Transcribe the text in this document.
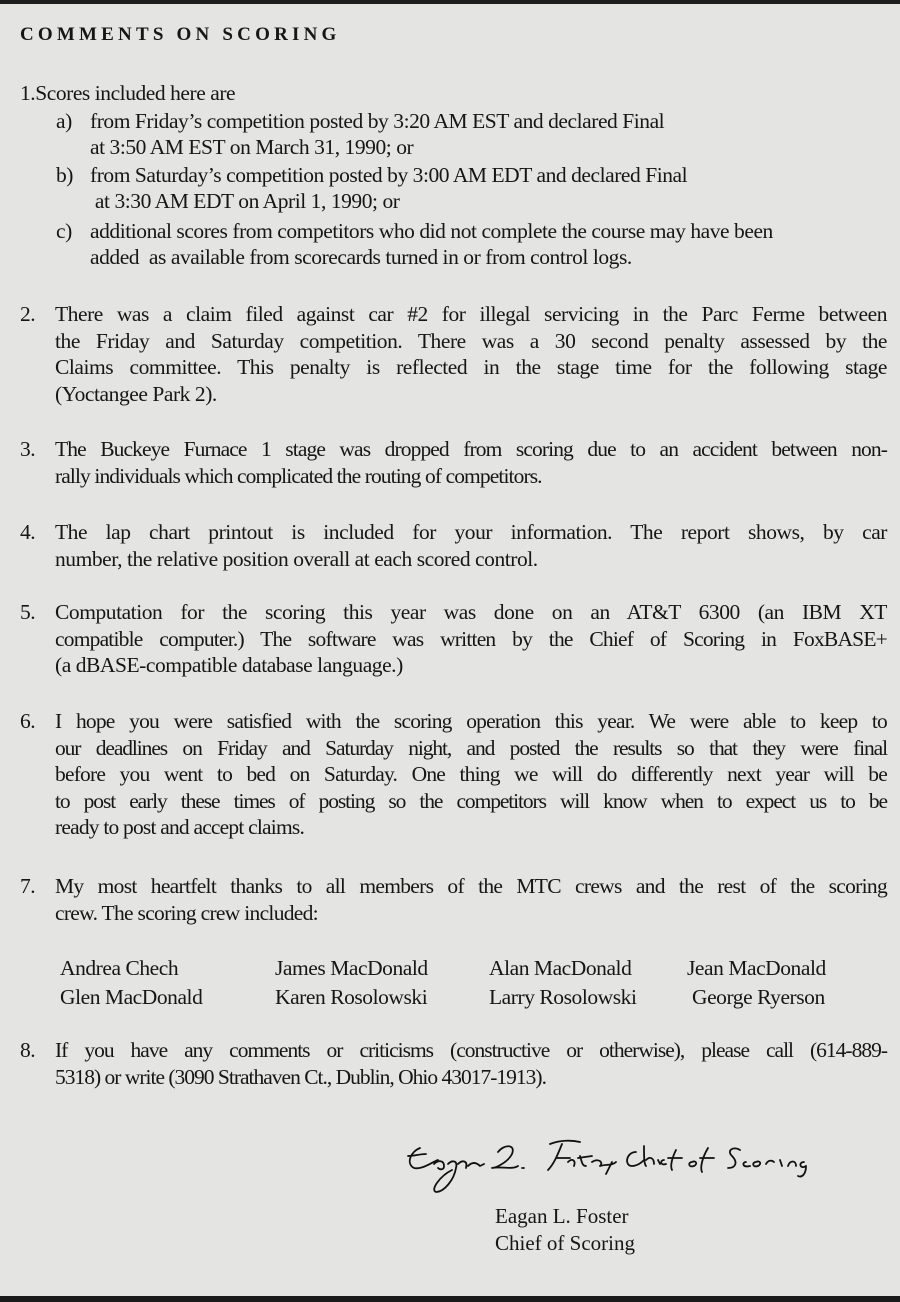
COMMENTS ON SCORING
1.Scores included here are
a) from Friday’s competition posted by 3:20 AM EST and declared Final
at 3:50 AM EST on March 31, 1990; or
b) from Saturday’s competition posted by 3:00 AM EDT and declared Final
at 3:30 AM EDT on April 1, 1990; or
c) additional scores from competitors who did not complete the course may have been
added  as available from scorecards turned in or from control logs.
2. There was a claim filed against car #2 for illegal servicing in the Parc Ferme between
the Friday and Saturday competition. There was a 30 second penalty assessed by the
Claims committee. This penalty is reflected in the stage time for the following stage
(Yoctangee Park 2).
3. The Buckeye Furnace 1 stage was dropped from scoring due to an accident between non-
rally individuals which complicated the routing of competitors.
4. The lap chart printout is included for your information. The report shows, by car
number, the relative position overall at each scored control.
5. Computation for the scoring this year was done on an AT&T 6300 (an IBM XT
compatible computer.) The software was written by the Chief of Scoring in FoxBASE+
(a dBASE-compatible database language.)
6. I hope you were satisfied with the scoring operation this year. We were able to keep to
our deadlines on Friday and Saturday night, and posted the results so that they were final
before you went to bed on Saturday. One thing we will do differently next year will be
to post early these times of posting so the competitors will know when to expect us to be
ready to post and accept claims.
7. My most heartfelt thanks to all members of the MTC crews and the rest of the scoring
crew. The scoring crew included:
Andrea Chech	James MacDonald	Alan MacDonald	Jean MacDonald
Glen MacDonald	Karen Rosolowski	Larry Rosolowski	George Ryerson
8. If you have any comments or criticisms (constructive or otherwise), please call (614-889-
5318) or write (3090 Strathaven Ct., Dublin, Ohio 43017-1913).
Eagan L. Foster
Chief of Scoring
